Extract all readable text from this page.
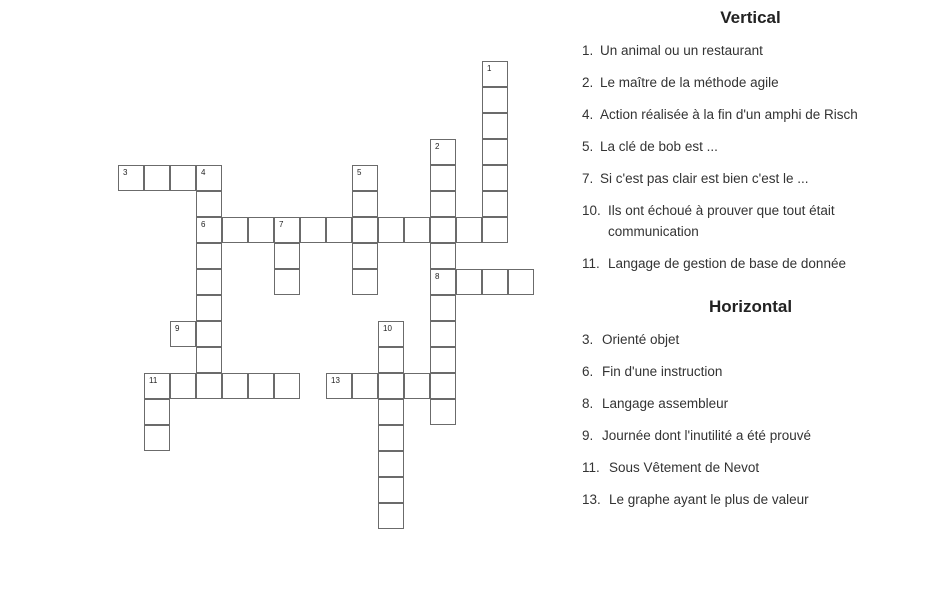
1
2
8
4
6
5
7
10
11
3
9
13
Vertical
1. Un animal ou un restaurant
2. Le maître de la méthode agile
4. Action réalisée à la fin d'un amphi de Risch
5. La clé de bob est ...
7. Si c'est pas clair est bien c'est le ...
10. Ils ont échoué à prouver que tout était communication
11. Langage de gestion de base de donnée
Horizontal
3. Orienté objet
6. Fin d'une instruction
8. Langage assembleur
9. Journée dont l'inutilité a été prouvé
11. Sous Vêtement de Nevot
13. Le graphe ayant le plus de valeur
